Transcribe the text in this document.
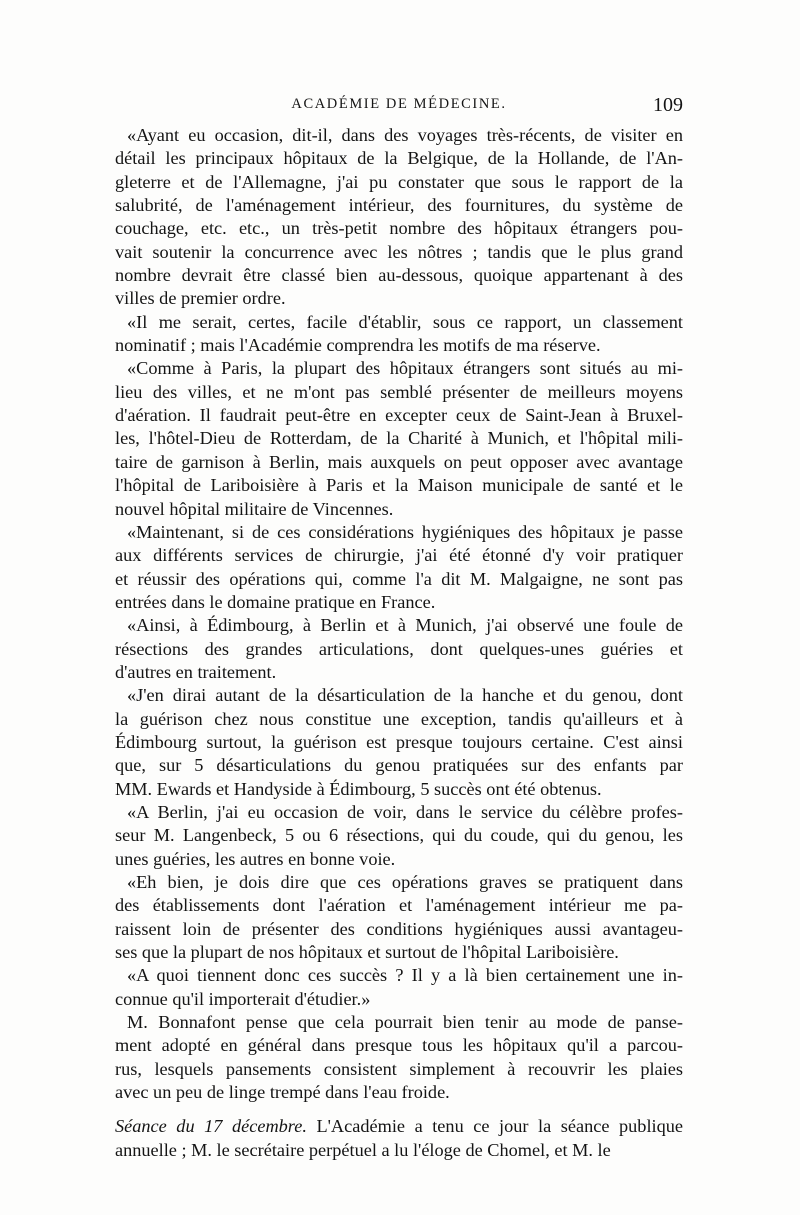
ACADÉMIE DE MÉDECINE.	109
«Ayant eu occasion, dit-il, dans des voyages très-récents, de visiter en
détail les principaux hôpitaux de la Belgique, de la Hollande, de l'An-
gleterre et de l'Allemagne, j'ai pu constater que sous le rapport de la
salubrité, de l'aménagement intérieur, des fournitures, du système de
couchage, etc. etc., un très-petit nombre des hôpitaux étrangers pou-
vait soutenir la concurrence avec les nôtres ; tandis que le plus grand
nombre devrait être classé bien au-dessous, quoique appartenant à des
villes de premier ordre.
«Il me serait, certes, facile d'établir, sous ce rapport, un classement
nominatif ; mais l'Académie comprendra les motifs de ma réserve.
«Comme à Paris, la plupart des hôpitaux étrangers sont situés au mi-
lieu des villes, et ne m'ont pas semblé présenter de meilleurs moyens
d'aération. Il faudrait peut-être en excepter ceux de Saint-Jean à Bruxel-
les, l'hôtel-Dieu de Rotterdam, de la Charité à Munich, et l'hôpital mili-
taire de garnison à Berlin, mais auxquels on peut opposer avec avantage
l'hôpital de Lariboisière à Paris et la Maison municipale de santé et le
nouvel hôpital militaire de Vincennes.
«Maintenant, si de ces considérations hygiéniques des hôpitaux je passe
aux différents services de chirurgie, j'ai été étonné d'y voir pratiquer
et réussir des opérations qui, comme l'a dit M. Malgaigne, ne sont pas
entrées dans le domaine pratique en France.
«Ainsi, à Édimbourg, à Berlin et à Munich, j'ai observé une foule de
résections des grandes articulations, dont quelques-unes guéries et
d'autres en traitement.
«J'en dirai autant de la désarticulation de la hanche et du genou, dont
la guérison chez nous constitue une exception, tandis qu'ailleurs et à
Édimbourg surtout, la guérison est presque toujours certaine. C'est ainsi
que, sur 5 désarticulations du genou pratiquées sur des enfants par
MM. Ewards et Handyside à Édimbourg, 5 succès ont été obtenus.
«A Berlin, j'ai eu occasion de voir, dans le service du célèbre profes-
seur M. Langenbeck, 5 ou 6 résections, qui du coude, qui du genou, les
unes guéries, les autres en bonne voie.
«Eh bien, je dois dire que ces opérations graves se pratiquent dans
des établissements dont l'aération et l'aménagement intérieur me pa-
raissent loin de présenter des conditions hygiéniques aussi avantageu-
ses que la plupart de nos hôpitaux et surtout de l'hôpital Lariboisière.
«A quoi tiennent donc ces succès ? Il y a là bien certainement une in-
connue qu'il importerait d'étudier.»
M. Bonnafont pense que cela pourrait bien tenir au mode de panse-
ment adopté en général dans presque tous les hôpitaux qu'il a parcou-
rus, lesquels pansements consistent simplement à recouvrir les plaies
avec un peu de linge trempé dans l'eau froide.
Séance du 17 décembre. L'Académie a tenu ce jour la séance publique
annuelle ; M. le secrétaire perpétuel a lu l'éloge de Chomel, et M. le
